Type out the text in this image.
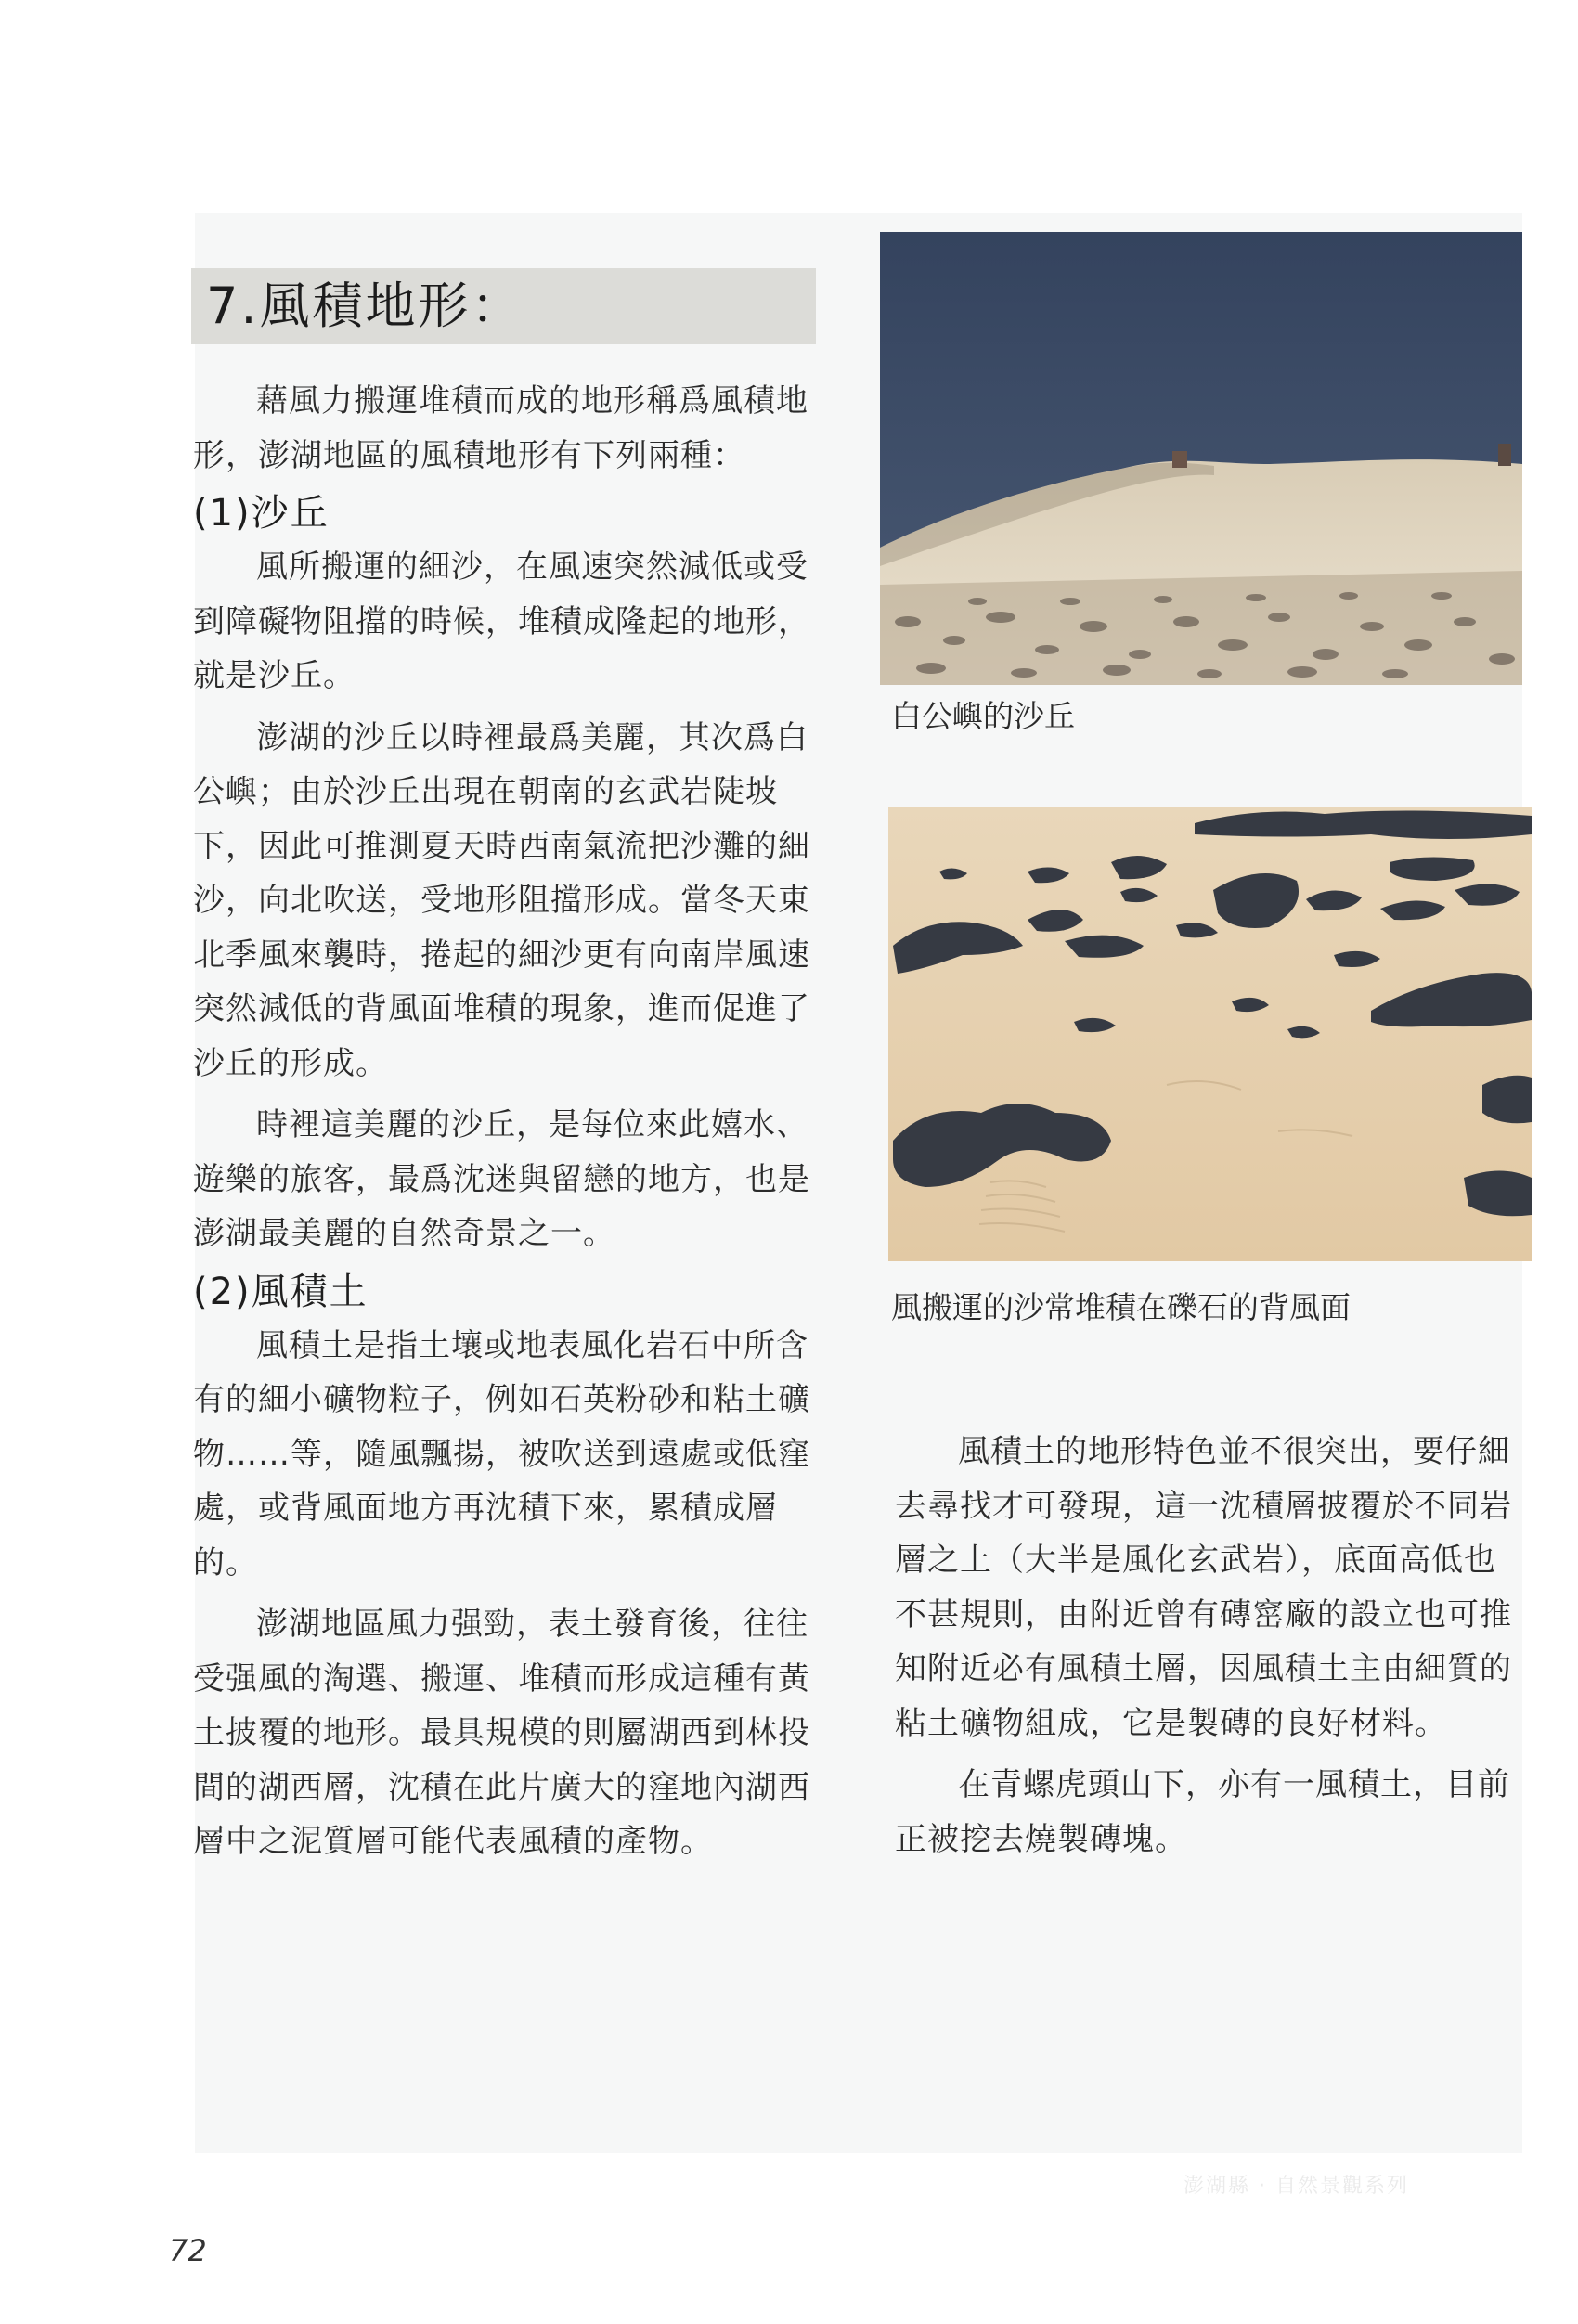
7.風積地形：

藉風力搬運堆積而成的地形稱爲風積地形，澎湖地區的風積地形有下列兩種：

(1)沙丘

風所搬運的細沙，在風速突然減低或受到障礙物阻擋的時候，堆積成隆起的地形，就是沙丘。

澎湖的沙丘以時裡最爲美麗，其次爲白公嶼；由於沙丘出現在朝南的玄武岩陡坡下，因此可推測夏天時西南氣流把沙灘的細沙，向北吹送，受地形阻擋形成。當冬天東北季風來襲時，捲起的細沙更有向南岸風速突然減低的背風面堆積的現象，進而促進了沙丘的形成。

時裡這美麗的沙丘，是每位來此嬉水、遊樂的旅客，最爲沈迷與留戀的地方，也是澎湖最美麗的自然奇景之一。

(2)風積土

風積土是指土壤或地表風化岩石中所含有的細小礦物粒子，例如石英粉砂和粘土礦物……等，隨風飄揚，被吹送到遠處或低窪處，或背風面地方再沈積下來，累積成層的。

澎湖地區風力强勁，表土發育後，往往受强風的淘選、搬運、堆積而形成這種有黃土披覆的地形。最具規模的則屬湖西到林投間的湖西層，沈積在此片廣大的窪地內湖西層中之泥質層可能代表風積的產物。

白公嶼的沙丘
風搬運的沙常堆積在礫石的背風面

風積土的地形特色並不很突出，要仔細去尋找才可發現，這一沈積層披覆於不同岩層之上（大半是風化玄武岩），底面高低也不甚規則，由附近曾有磚窰廠的設立也可推知附近必有風積土層，因風積土主由細質的粘土礦物組成，它是製磚的良好材料。

在青螺虎頭山下，亦有一風積土，目前正被挖去燒製磚塊。

澎湖縣 · 自然景觀系列
72
